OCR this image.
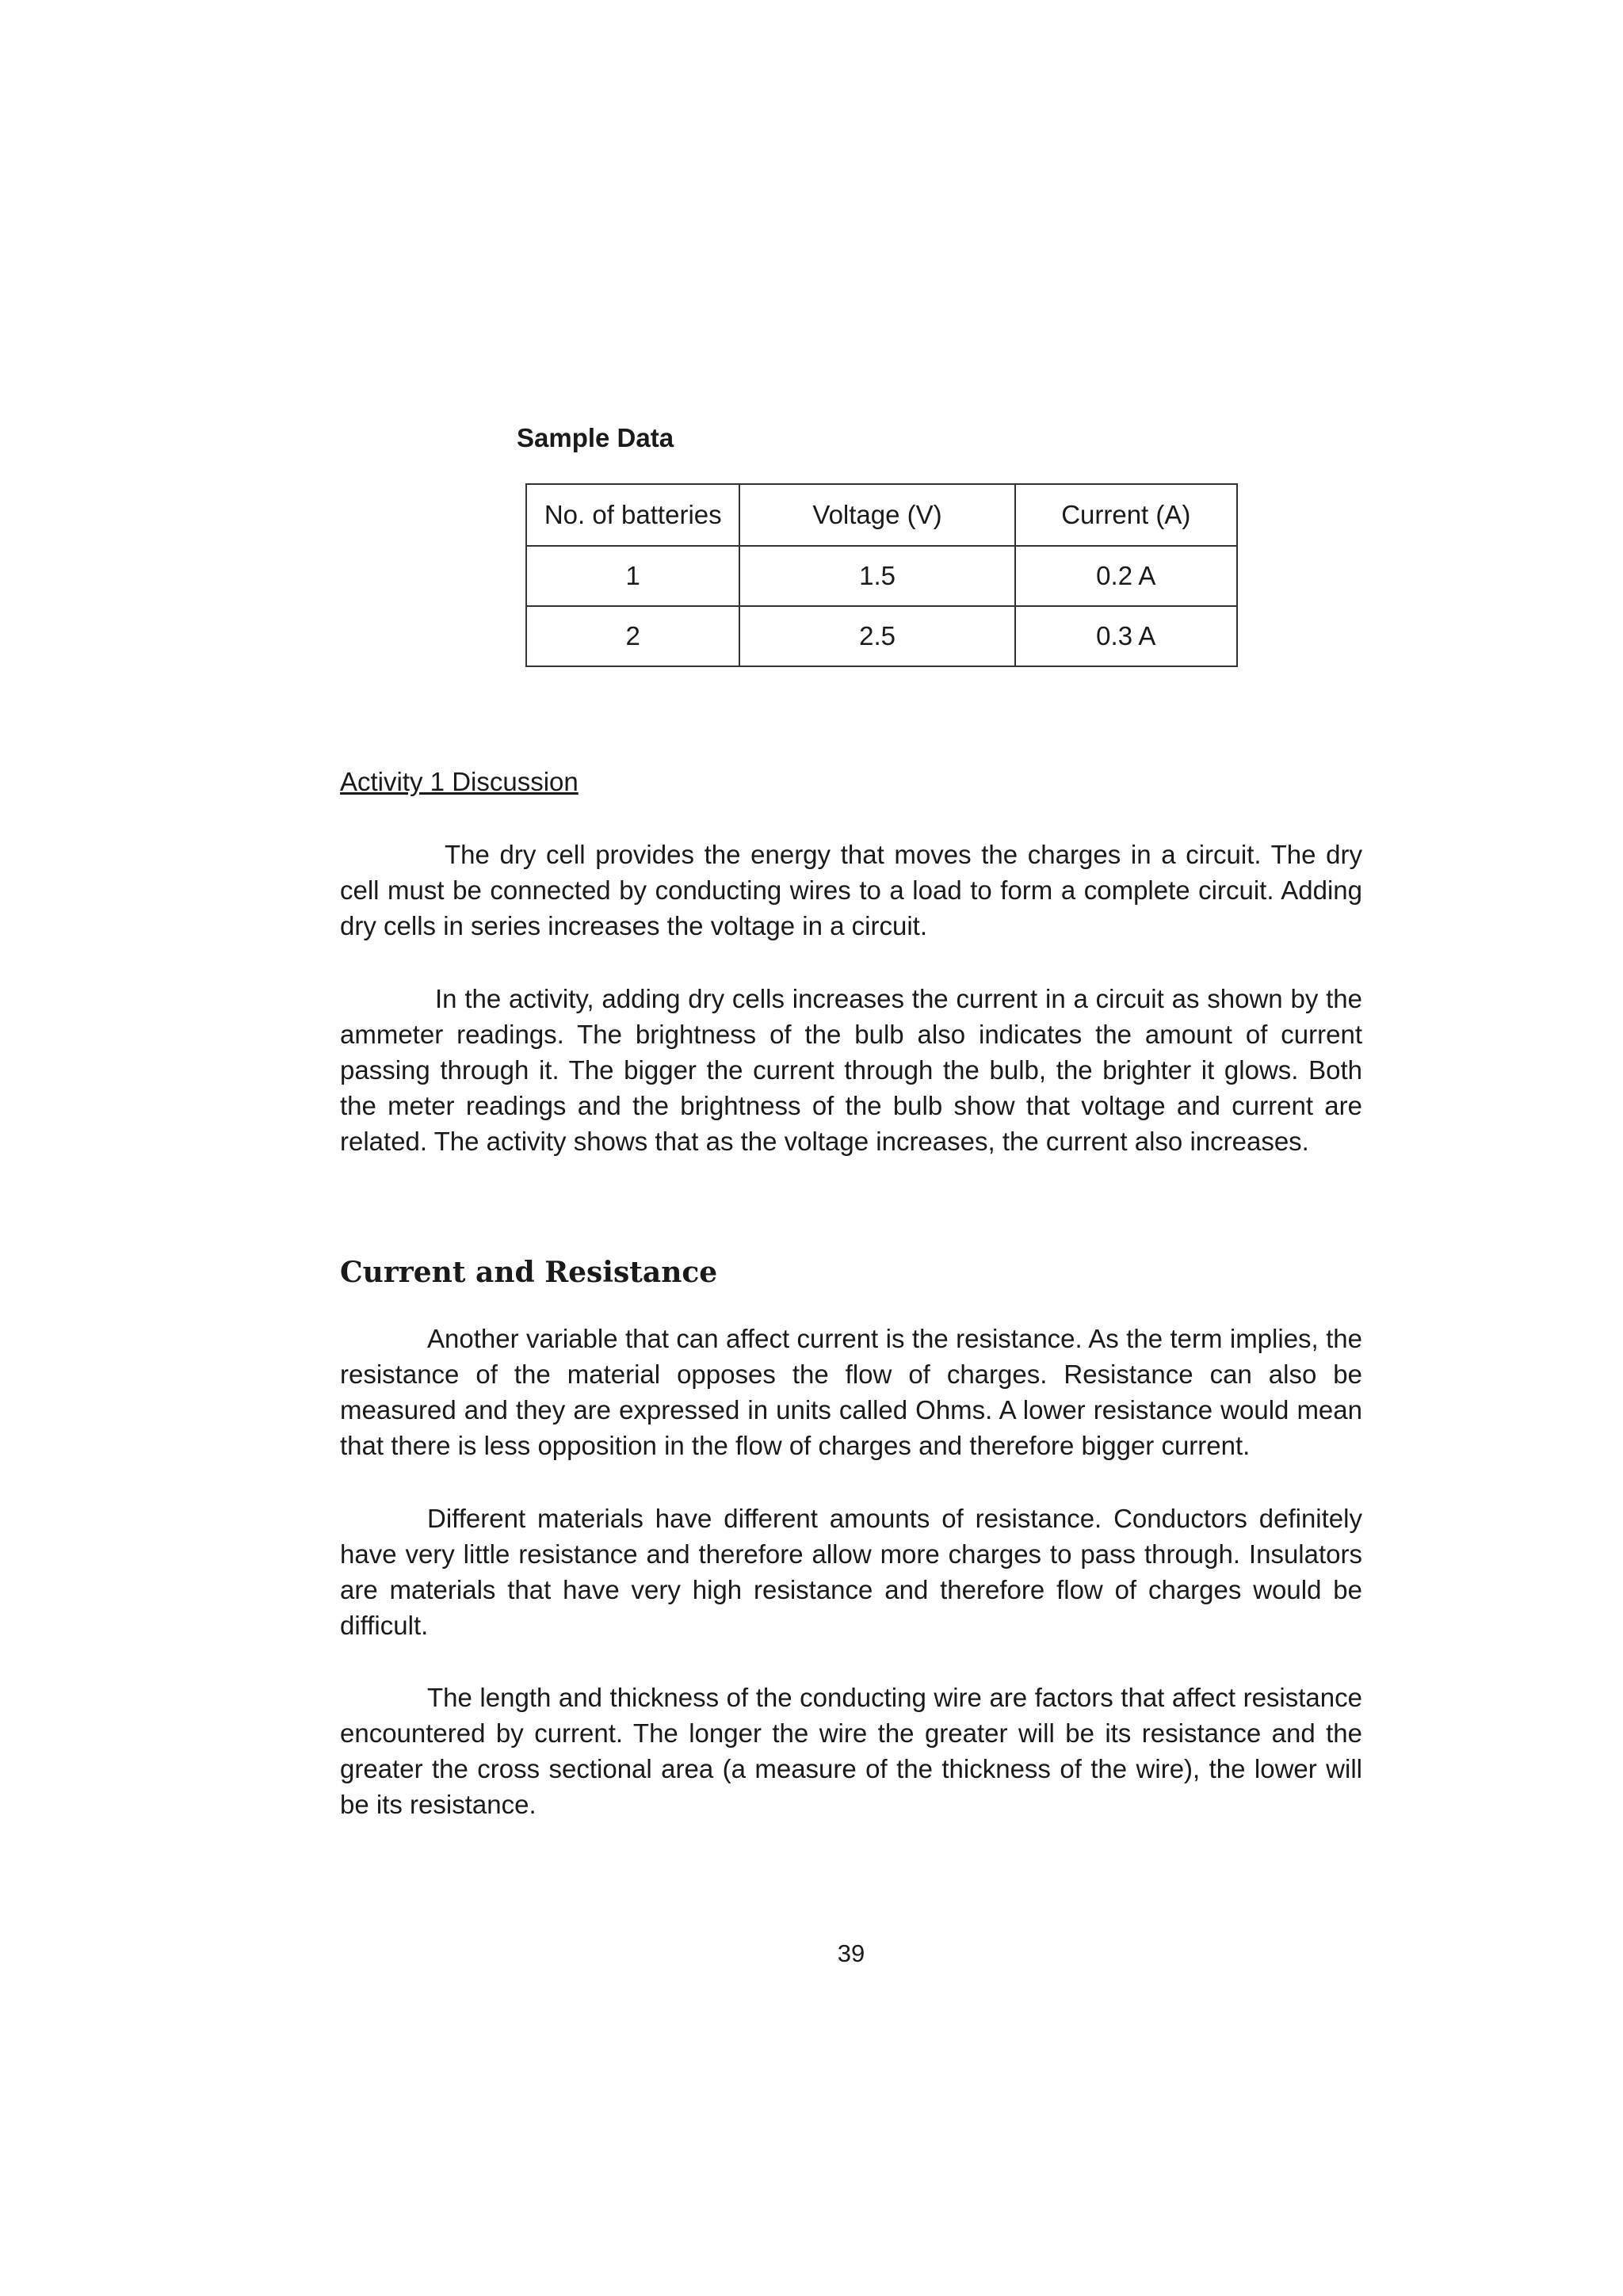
Sample Data

No. of batteries	Voltage (V)	Current (A)
1	1.5	0.2 A
2	2.5	0.3 A

Activity 1 Discussion

The dry cell provides the energy that moves the charges in a circuit. The dry cell must be connected by conducting wires to a load to form a complete circuit. Adding dry cells in series increases the voltage in a circuit.

In the activity, adding dry cells increases the current in a circuit as shown by the ammeter readings. The brightness of the bulb also indicates the amount of current passing through it. The bigger the current through the bulb, the brighter it glows. Both the meter readings and the brightness of the bulb show that voltage and current are related. The activity shows that as the voltage increases, the current also increases.

Current and Resistance

Another variable that can affect current is the resistance. As the term implies, the resistance of the material opposes the flow of charges. Resistance can also be measured and they are expressed in units called Ohms. A lower resistance would mean that there is less opposition in the flow of charges and therefore bigger current.

Different materials have different amounts of resistance. Conductors definitely have very little resistance and therefore allow more charges to pass through. Insulators are materials that have very high resistance and therefore flow of charges would be difficult.

The length and thickness of the conducting wire are factors that affect resistance encountered by current. The longer the wire the greater will be its resistance and the greater the cross sectional area (a measure of the thickness of the wire), the lower will be its resistance.

39
